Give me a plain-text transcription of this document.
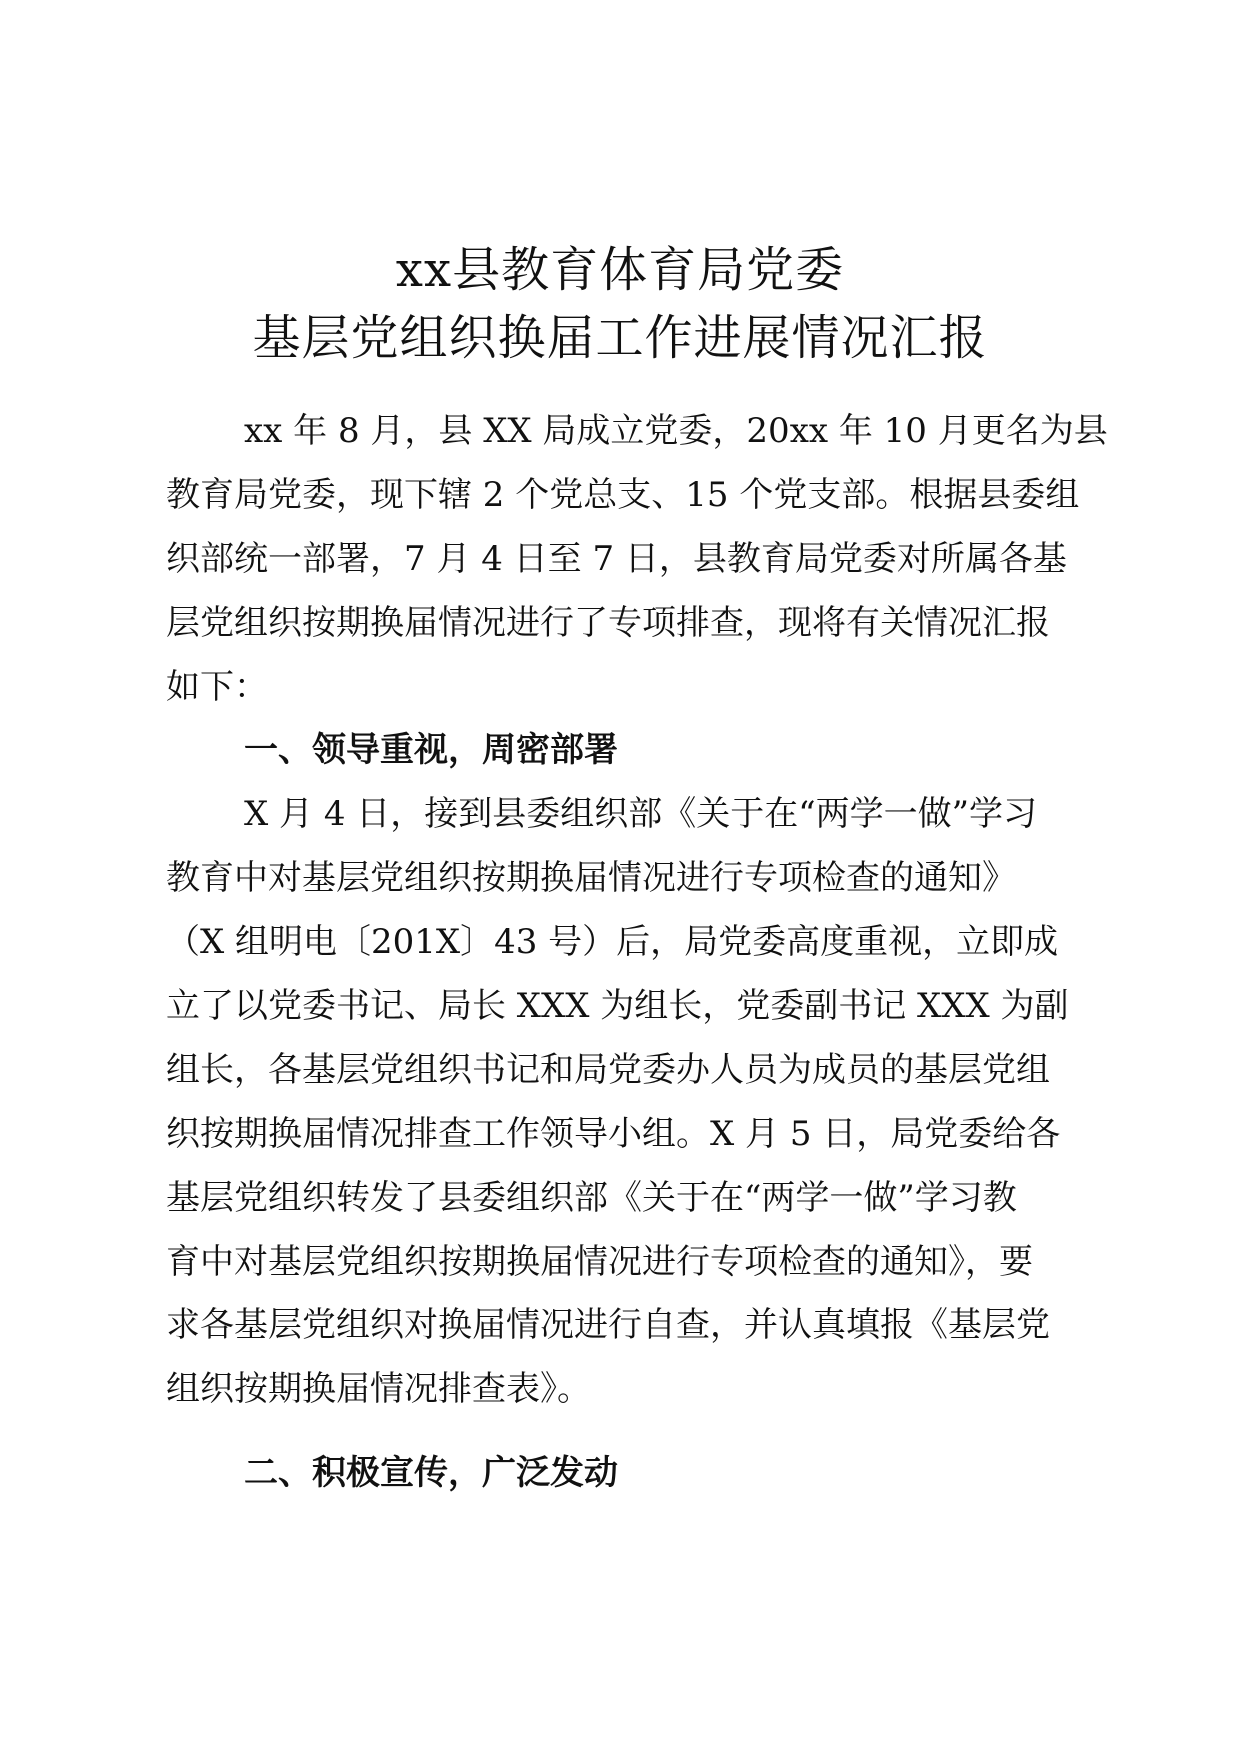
xx县教育体育局党委
基层党组织换届工作进展情况汇报
xx 年 8 月，县 XX 局成立党委，20xx 年 10 月更名为县
教育局党委，现下辖 2 个党总支、15 个党支部。根据县委组
织部统一部署，7 月 4 日至 7 日，县教育局党委对所属各基
层党组织按期换届情况进行了专项排查，现将有关情况汇报
如下：
一、领导重视，周密部署
X 月 4 日，接到县委组织部《关于在“两学一做”学习
教育中对基层党组织按期换届情况进行专项检查的通知》
（X 组明电〔201X〕43 号）后，局党委高度重视，立即成
立了以党委书记、局长 XXX 为组长，党委副书记 XXX 为副
组长，各基层党组织书记和局党委办人员为成员的基层党组
织按期换届情况排查工作领导小组。X 月 5 日，局党委给各
基层党组织转发了县委组织部《关于在“两学一做”学习教
育中对基层党组织按期换届情况进行专项检查的通知》，要
求各基层党组织对换届情况进行自查，并认真填报《基层党
组织按期换届情况排查表》。
二、积极宣传，广泛发动
